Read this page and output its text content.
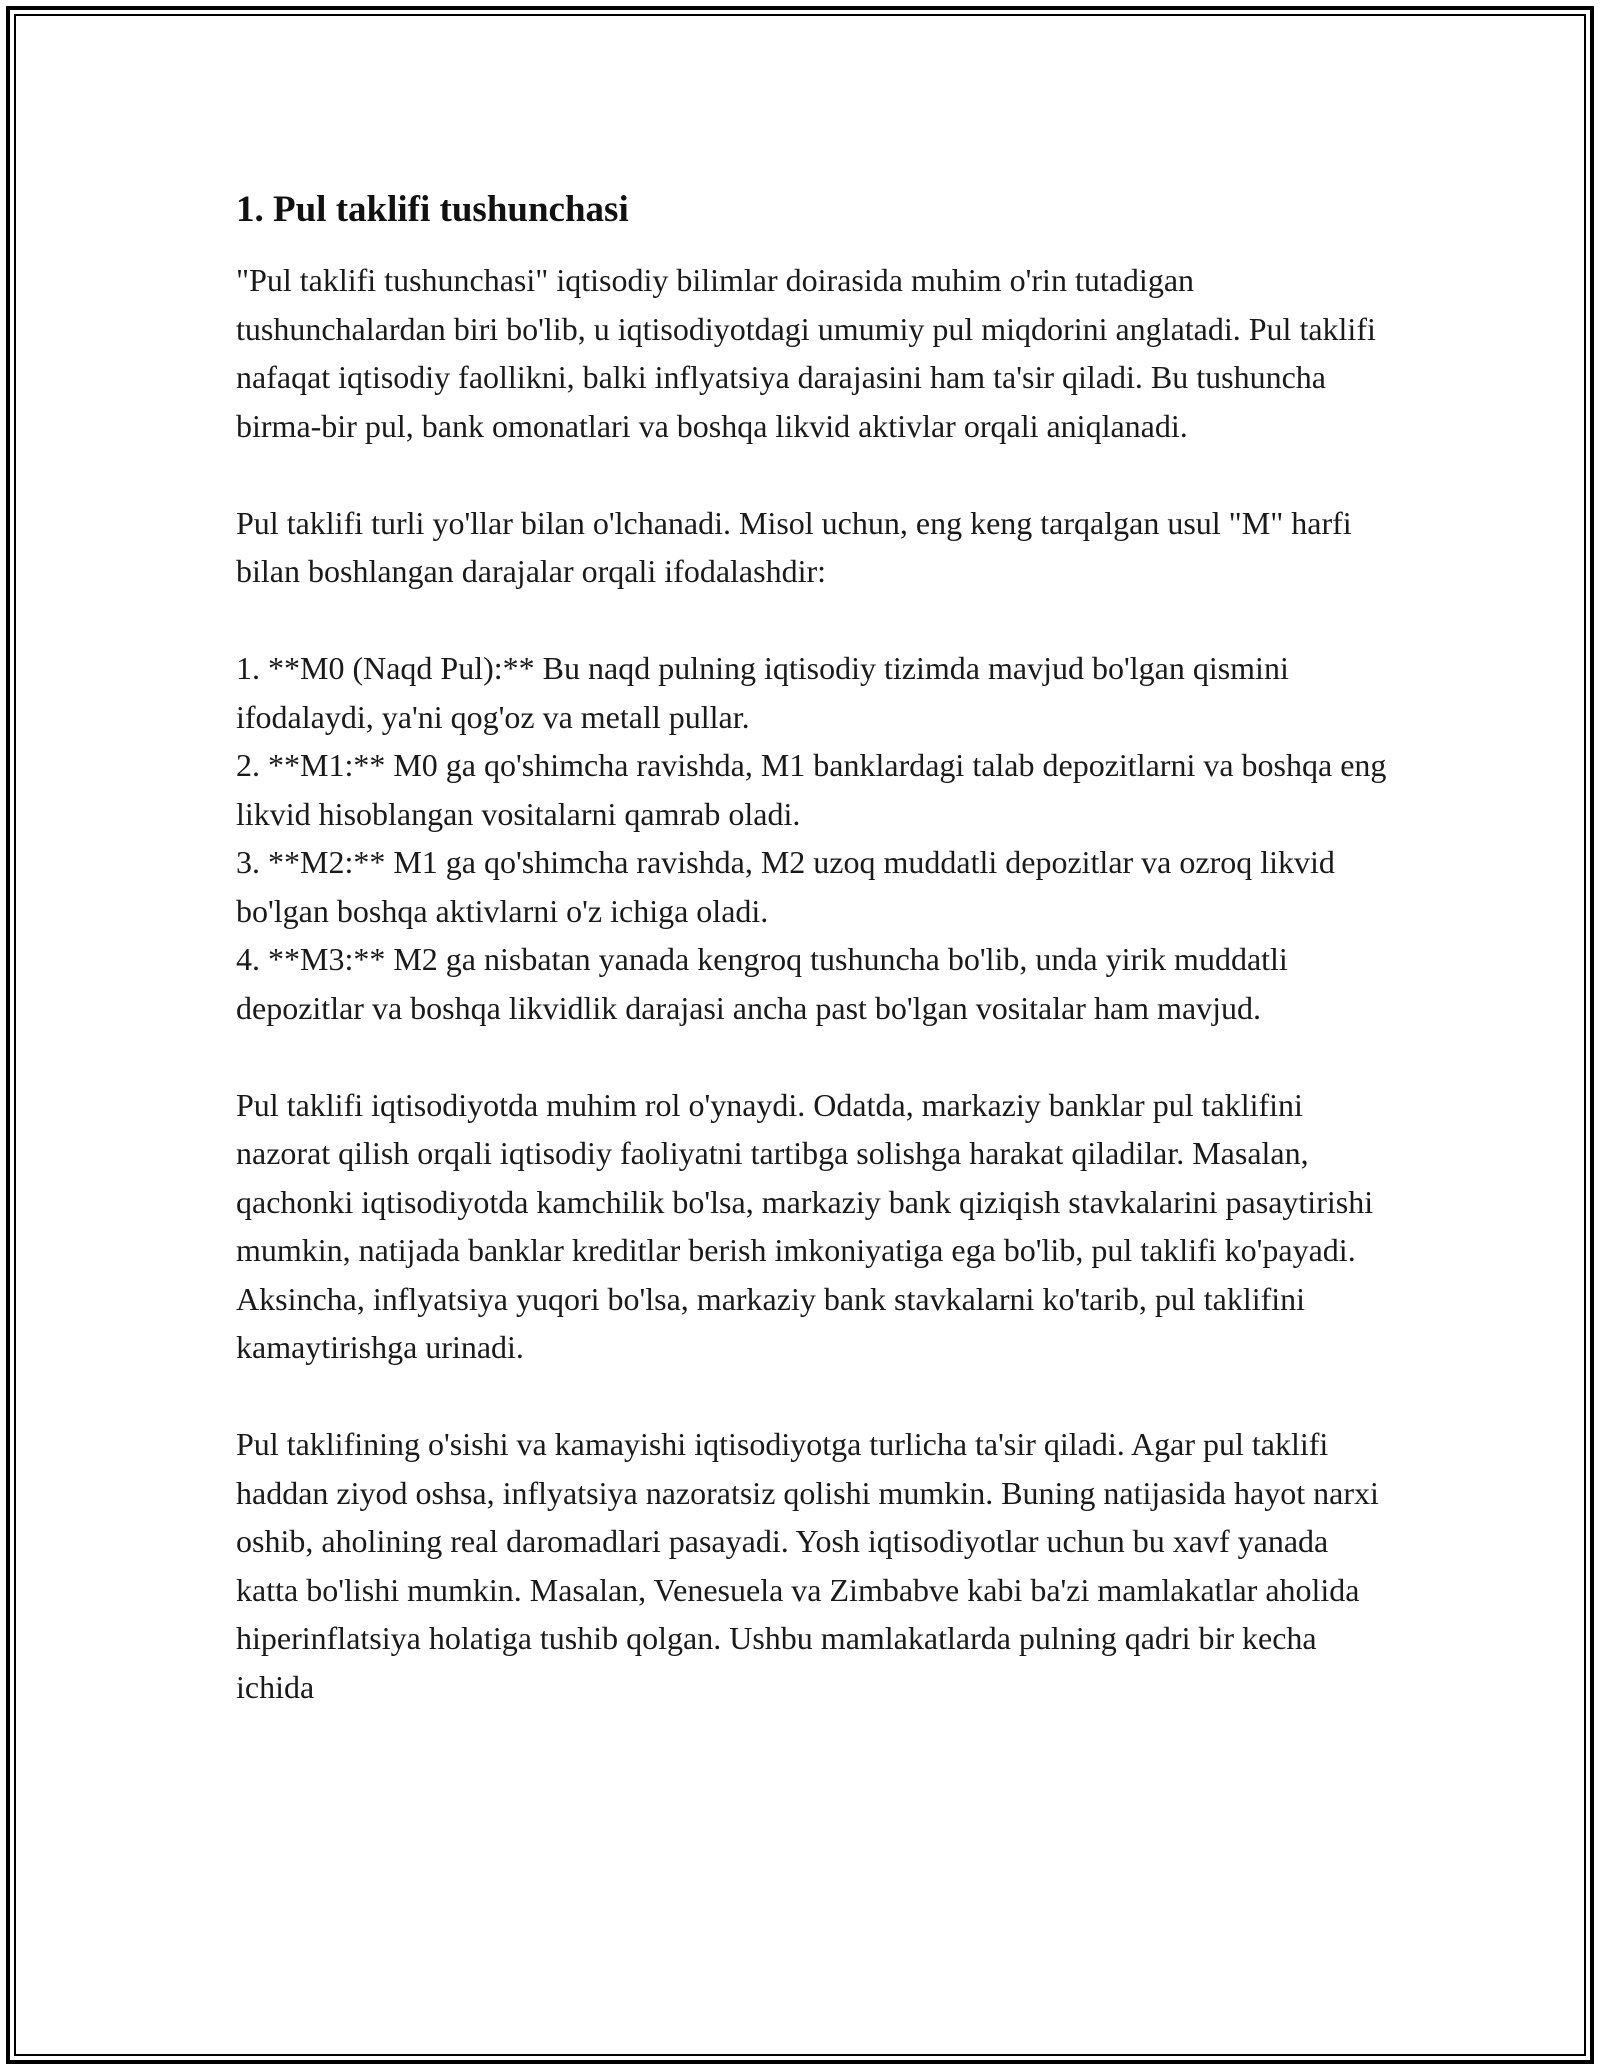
1. Pul taklifi tushunchasi

"Pul taklifi tushunchasi" iqtisodiy bilimlar doirasida muhim o'rin tutadigan tushunchalardan biri bo'lib, u iqtisodiyotdagi umumiy pul miqdorini anglatadi. Pul taklifi nafaqat iqtisodiy faollikni, balki inflyatsiya darajasini ham ta'sir qiladi. Bu tushuncha birma-bir pul, bank omonatlari va boshqa likvid aktivlar orqali aniqlanadi.

Pul taklifi turli yo'llar bilan o'lchanadi. Misol uchun, eng keng tarqalgan usul "M" harfi bilan boshlangan darajalar orqali ifodalashdir:

1. **M0 (Naqd Pul):** Bu naqd pulning iqtisodiy tizimda mavjud bo'lgan qismini ifodalaydi, ya'ni qog'oz va metall pullar.

2. **M1:** M0 ga qo'shimcha ravishda, M1 banklardagi talab depozitlarni va boshqa eng likvid hisoblangan vositalarni qamrab oladi.

3. **M2:** M1 ga qo'shimcha ravishda, M2 uzoq muddatli depozitlar va ozroq likvid bo'lgan boshqa aktivlarni o'z ichiga oladi.

4. **M3:** M2 ga nisbatan yanada kengroq tushuncha bo'lib, unda yirik muddatli depozitlar va boshqa likvidlik darajasi ancha past bo'lgan vositalar ham mavjud.

Pul taklifi iqtisodiyotda muhim rol o'ynaydi. Odatda, markaziy banklar pul taklifini nazorat qilish orqali iqtisodiy faoliyatni tartibga solishga harakat qiladilar. Masalan, qachonki iqtisodiyotda kamchilik bo'lsa, markaziy bank qiziqish stavkalarini pasaytirishi mumkin, natijada banklar kreditlar berish imkoniyatiga ega bo'lib, pul taklifi ko'payadi. Aksincha, inflyatsiya yuqori bo'lsa, markaziy bank stavkalarni ko'tarib, pul taklifini kamaytirishga urinadi.

Pul taklifining o'sishi va kamayishi iqtisodiyotga turlicha ta'sir qiladi. Agar pul taklifi haddan ziyod oshsa, inflyatsiya nazoratsiz qolishi mumkin. Buning natijasida hayot narxi oshib, aholining real daromadlari pasayadi. Yosh iqtisodiyotlar uchun bu xavf yanada katta bo'lishi mumkin. Masalan, Venesuela va Zimbabve kabi ba'zi mamlakatlar aholida hiperinflatsiya holatiga tushib qolgan. Ushbu mamlakatlarda pulning qadri bir kecha ichida
